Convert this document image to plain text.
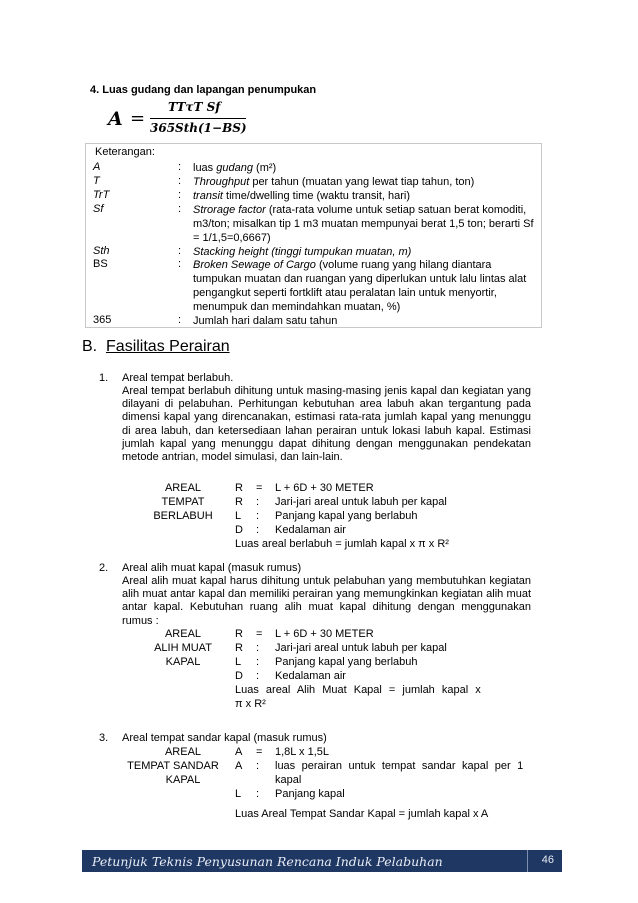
4. Luas gudang dan lapangan penumpukan
A =
TTτT Sf
365Sth(1−BS)
Keterangan:
A	: luas gudang (m²)
T	: Throughput per tahun (muatan yang lewat tiap tahun, ton)
TrT	: transit time/dwelling time (waktu transit, hari)
Sf	: Strorage factor (rata-rata volume untuk setiap satuan berat komoditi, m3/ton; misalkan tip 1 m3 muatan mempunyai berat 1,5 ton; berarti Sf = 1/1,5=0,6667)
Sth	: Stacking height (tinggi tumpukan muatan, m)
BS	: Broken Sewage of Cargo (volume ruang yang hilang diantara tumpukan muatan dan ruangan yang diperlukan untuk lalu lintas alat pengangkut seperti fortklift atau peralatan lain untuk menyortir, menumpuk dan memindahkan muatan, %)
365	: Jumlah hari dalam satu tahun
B. Fasilitas Perairan
1. Areal tempat berlabuh.
Areal tempat berlabuh dihitung untuk masing-masing jenis kapal dan kegiatan yang dilayani di pelabuhan. Perhitungan kebutuhan area labuh akan tergantung pada dimensi kapal yang direncanakan, estimasi rata-rata jumlah kapal yang menunggu di area labuh, dan ketersediaan lahan perairan untuk lokasi labuh kapal. Estimasi jumlah kapal yang menunggu dapat dihitung dengan menggunakan pendekatan metode antrian, model simulasi, dan lain-lain.
AREAL
TEMPAT
BERLABUH
R = L + 6D + 30 METER
R : Jari-jari areal untuk labuh per kapal
L : Panjang kapal yang berlabuh
D : Kedalaman air
Luas areal berlabuh = jumlah kapal x π x R²
2. Areal alih muat kapal (masuk rumus)
Areal alih muat kapal harus dihitung untuk pelabuhan yang membutuhkan kegiatan alih muat antar kapal dan memiliki perairan yang memungkinkan kegiatan alih muat antar kapal. Kebutuhan ruang alih muat kapal dihitung dengan menggunakan rumus :
AREAL
ALIH MUAT
KAPAL
R = L + 6D + 30 METER
R : Jari-jari areal untuk labuh per kapal
L : Panjang kapal yang berlabuh
D : Kedalaman air
Luas areal Alih Muat Kapal = jumlah kapal x
π x R²
3. Areal tempat sandar kapal (masuk rumus)
AREAL
TEMPAT SANDAR
KAPAL
A = 1,8L x 1,5L
A : luas perairan untuk tempat sandar kapal per 1
kapal
L : Panjang kapal
Luas Areal Tempat Sandar Kapal = jumlah kapal x A
Petunjuk Teknis Penyusunan Rencana Induk Pelabuhan	46
